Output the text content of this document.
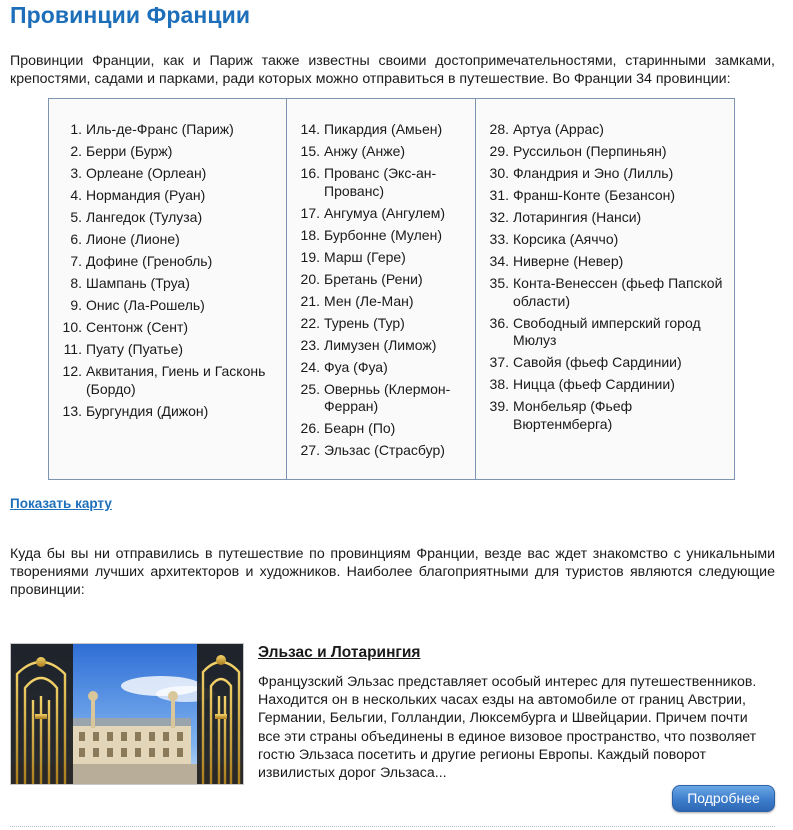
Провинции Франции

Провинции Франции, как и Париж также известны своими достопримечательностями, старинными замками, крепостями, садами и парками, ради которых можно отправиться в путешествие. Во Франции 34 провинции:

1. Иль-де-Франс (Париж)
2. Берри (Бурж)
3. Орлеане (Орлеан)
4. Нормандия (Руан)
5. Лангедок (Тулуза)
6. Лионе (Лионе)
7. Дофине (Гренобль)
8. Шампань (Труа)
9. Онис (Ла-Рошель)
10. Сентонж (Сент)
11. Пуату (Пуатье)
12. Аквитания, Гиень и Гасконь (Бордо)
13. Бургундия (Дижон)
14. Пикардия (Амьен)
15. Анжу (Анже)
16. Прованс (Экс-ан-Прованс)
17. Ангумуа (Ангулем)
18. Бурбонне (Мулен)
19. Марш (Гере)
20. Бретань (Рени)
21. Мен (Ле-Ман)
22. Турень (Тур)
23. Лимузен (Лимож)
24. Фуа (Фуа)
25. Оверньь (Клермон-Ферран)
26. Беарн (По)
27. Эльзас (Страсбур)
28. Артуа (Аррас)
29. Руссильон (Перпиньян)
30. Фландрия и Эно (Лилль)
31. Франш-Конте (Безансон)
32. Лотарингия (Нанси)
33. Корсика (Аяччо)
34. Ниверне (Невер)
35. Конта-Венессен (фьеф Папской области)
36. Свободный имперский город Мюлуз
37. Савойя (фьеф Сардинии)
38. Ницца (фьеф Сардинии)
39. Монбельяр (Фьеф Вюртенмберга)
Показать карту

Куда бы вы ни отправились в путешествие по провинциям Франции, везде вас ждет знакомство с уникальными творениями лучших архитекторов и художников. Наиболее благоприятными для туристов являются следующие провинции:

Эльзас и Лотарингия

Французский Эльзас представляет особый интерес для путешественников. Находится он в нескольких часах езды на автомобиле от границ Австрии, Германии, Бельгии, Голландии, Люксембурга и Швейцарии. Причем почти все эти страны объединены в единое визовое пространство, что позволяет гостю Эльзаса посетить и другие регионы Европы. Каждый поворот извилистых дорог Эльзаса...

Подробнее
